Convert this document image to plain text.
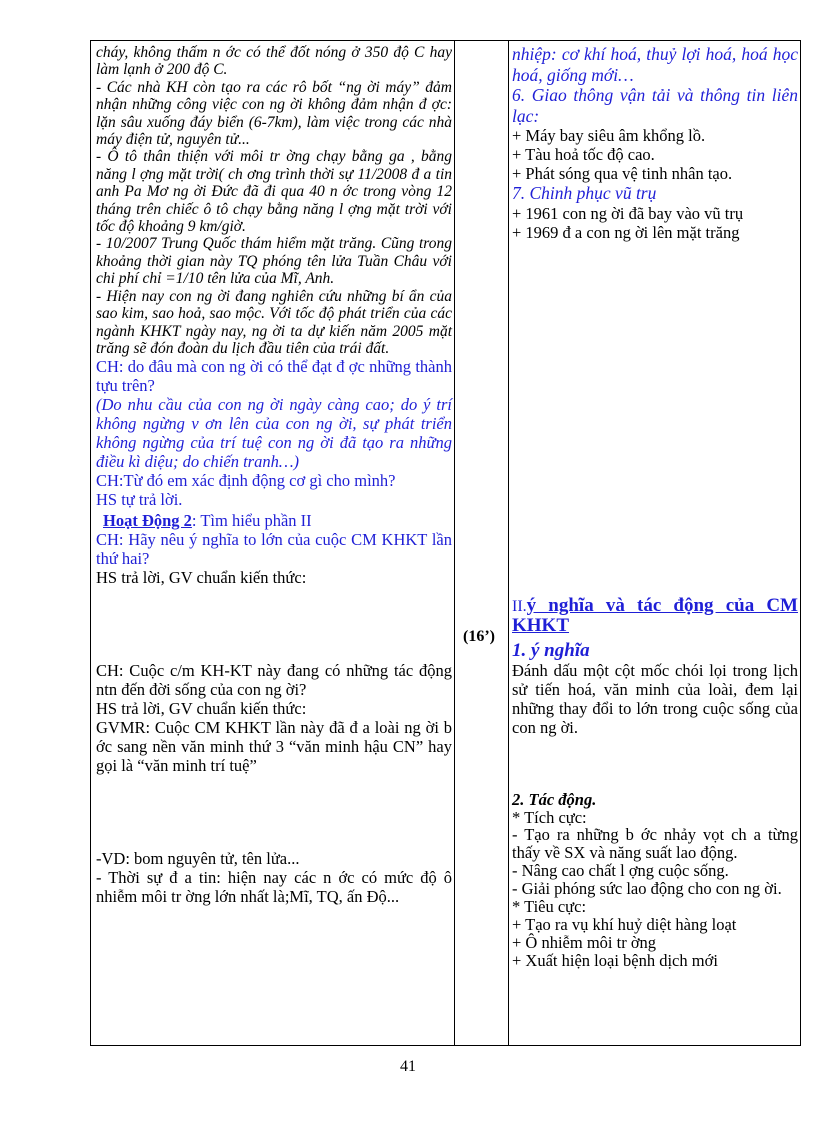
cháy, không thấm n ớc có thể đốt nóng ở 350 độ C hay làm lạnh ở 200 độ C.

- Các nhà KH còn tạo ra các rô bốt “ng ời máy” đảm nhận những công việc con ng ời không đảm nhận đ ợc: lặn sâu xuống đáy biển (6-7km), làm việc trong các nhà máy điện tử, nguyên tử...

- Ô tô thân thiện với môi tr ờng chạy bằng ga , bằng năng l ợng mặt trời( ch ơng trình thời sự 11/2008 đ a tin anh Pa Mơ ng ời Đức đã đi qua 40 n ớc trong vòng 12 tháng trên chiếc ô tô chạy bằng năng l ợng mặt trời với tốc độ khoảng 9 km/giờ.

- 10/2007 Trung Quốc thám hiểm mặt trăng. Cũng trong khoảng thời gian này TQ phóng tên lửa Tuần Châu với chi phí chỉ =1/10 tên lửa của Mĩ, Anh.

- Hiện nay con ng ời đang nghiên cứu những bí ẩn của sao kim, sao hoả, sao mộc. Với tốc độ phát triển của các ngành KHKT ngày nay, ng ời ta dự kiến năm 2005 mặt trăng sẽ đón đoàn du lịch đầu tiên của trái đất.

CH: do đâu mà con ng ời có thể đạt đ ợc những thành tựu trên?

(Do nhu cầu của con ng ời ngày càng cao; do ý trí không ngừng v ơn lên của con ng ời, sự phát triển không ngừng của trí tuệ con ng ời đã tạo ra những điều kì diệu; do chiến tranh…)

CH:Từ đó em xác định động cơ gì cho mình?

HS tự trả lời.

Hoạt Động 2: Tìm hiểu phần II

CH: Hãy nêu ý nghĩa to lớn của cuộc CM KHKT lần thứ hai?

HS trả lời, GV chuẩn kiến thức:

CH: Cuộc c/m KH-KT này đang có những tác động ntn đến đời sống của con ng ời?

HS trả lời, GV chuẩn kiến thức:

GVMR: Cuộc CM KHKT lần này đã đ a loài ng ời b ớc sang nền văn minh thứ 3 “văn minh hậu CN” hay gọi là “văn minh trí tuệ”

-VD: bom nguyên tử, tên lửa...

- Thời sự đ a tin: hiện nay các n ớc có mức độ ô nhiễm môi tr ờng lớn nhất là;Mĩ, TQ, ấn Độ...

(16’)

nhiệp: cơ khí hoá, thuỷ lợi hoá, hoá học hoá, giống mới…

6. Giao thông vận tải và thông tin liên lạc:

+ Máy bay siêu âm khổng lồ.

+ Tàu hoả tốc độ cao.

+ Phát sóng qua vệ tinh nhân tạo.

7. Chinh phục vũ trụ

+ 1961 con ng ời đã bay vào vũ trụ

+ 1969 đ a con ng ời lên mặt trăng

II.ý nghĩa và tác động của CM KHKT

1. ý nghĩa

Đánh dấu một cột mốc chói lọi trong lịch sử tiến hoá, văn minh của loài, đem lại những thay đổi to lớn trong cuộc sống của con ng ời.

2. Tác động.

* Tích cực:

- Tạo ra những b ớc nhảy vọt ch a từng thấy về SX và năng suất lao động.

- Nâng cao chất l ợng cuộc sống.

- Giải phóng sức lao động cho con ng ời.

* Tiêu cực:

+ Tạo ra vụ khí huỷ diệt hàng loạt

+ Ô nhiễm môi tr ờng

+ Xuất hiện loại bệnh dịch mới

41
